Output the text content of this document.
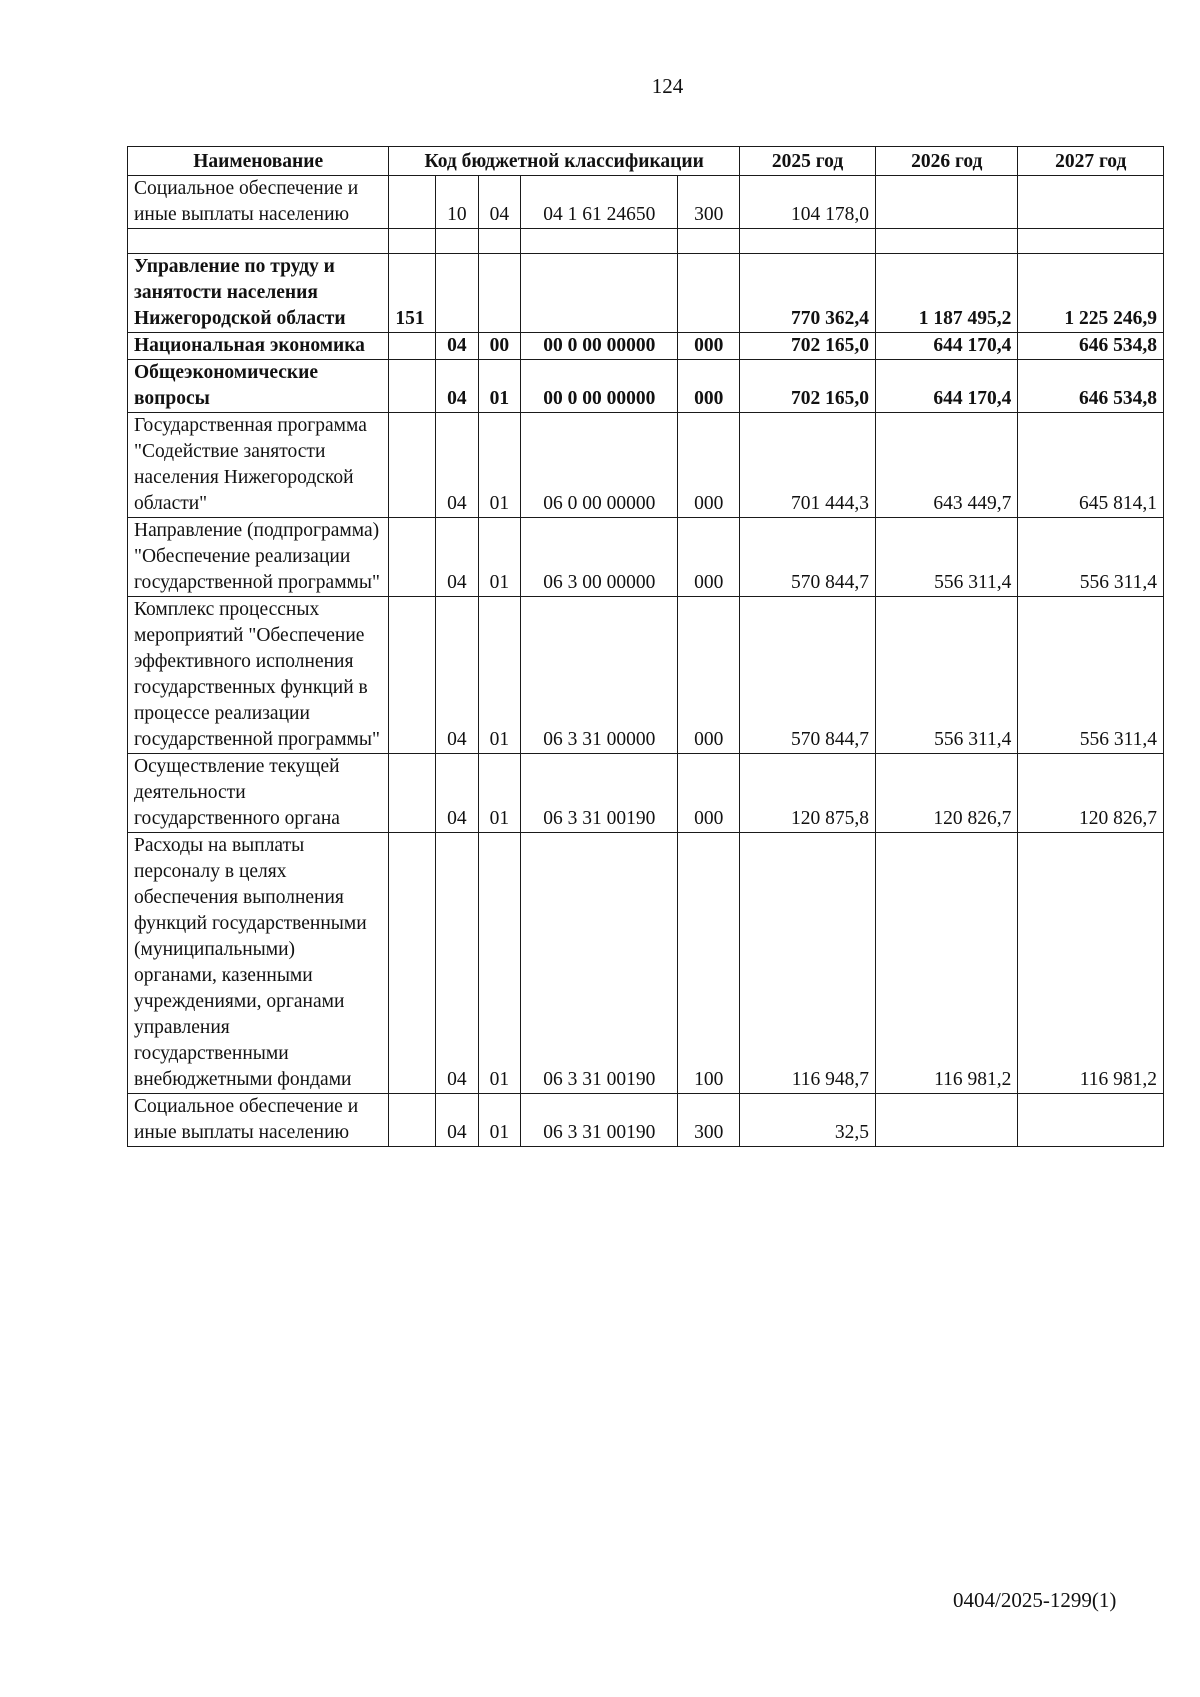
124
Наименование	Код бюджетной классификации					2025 год	2026 год	2027 год
Социальное обеспечение и иные выплаты населению		10	04	04 1 61 24650	300	104 178,0		

Управление по труду и занятости населения Нижегородской области	151					770 362,4	1 187 495,2	1 225 246,9
Национальная экономика		04	00	00 0 00 00000	000	702 165,0	644 170,4	646 534,8
Общеэкономические вопросы		04	01	00 0 00 00000	000	702 165,0	644 170,4	646 534,8
Государственная программа "Содействие занятости населения Нижегородской области"		04	01	06 0 00 00000	000	701 444,3	643 449,7	645 814,1
Направление (подпрограмма) "Обеспечение реализации государственной программы"		04	01	06 3 00 00000	000	570 844,7	556 311,4	556 311,4
Комплекс процессных мероприятий "Обеспечение эффективного исполнения государственных функций в процессе реализации государственной программы"		04	01	06 3 31 00000	000	570 844,7	556 311,4	556 311,4
Осуществление текущей деятельности государственного органа		04	01	06 3 31 00190	000	120 875,8	120 826,7	120 826,7
Расходы на выплаты персоналу в целях обеспечения выполнения функций государственными (муниципальными) органами, казенными учреждениями, органами управления государственными внебюджетными фондами		04	01	06 3 31 00190	100	116 948,7	116 981,2	116 981,2
Социальное обеспечение и иные выплаты населению		04	01	06 3 31 00190	300	32,5		
0404/2025-1299(1)
